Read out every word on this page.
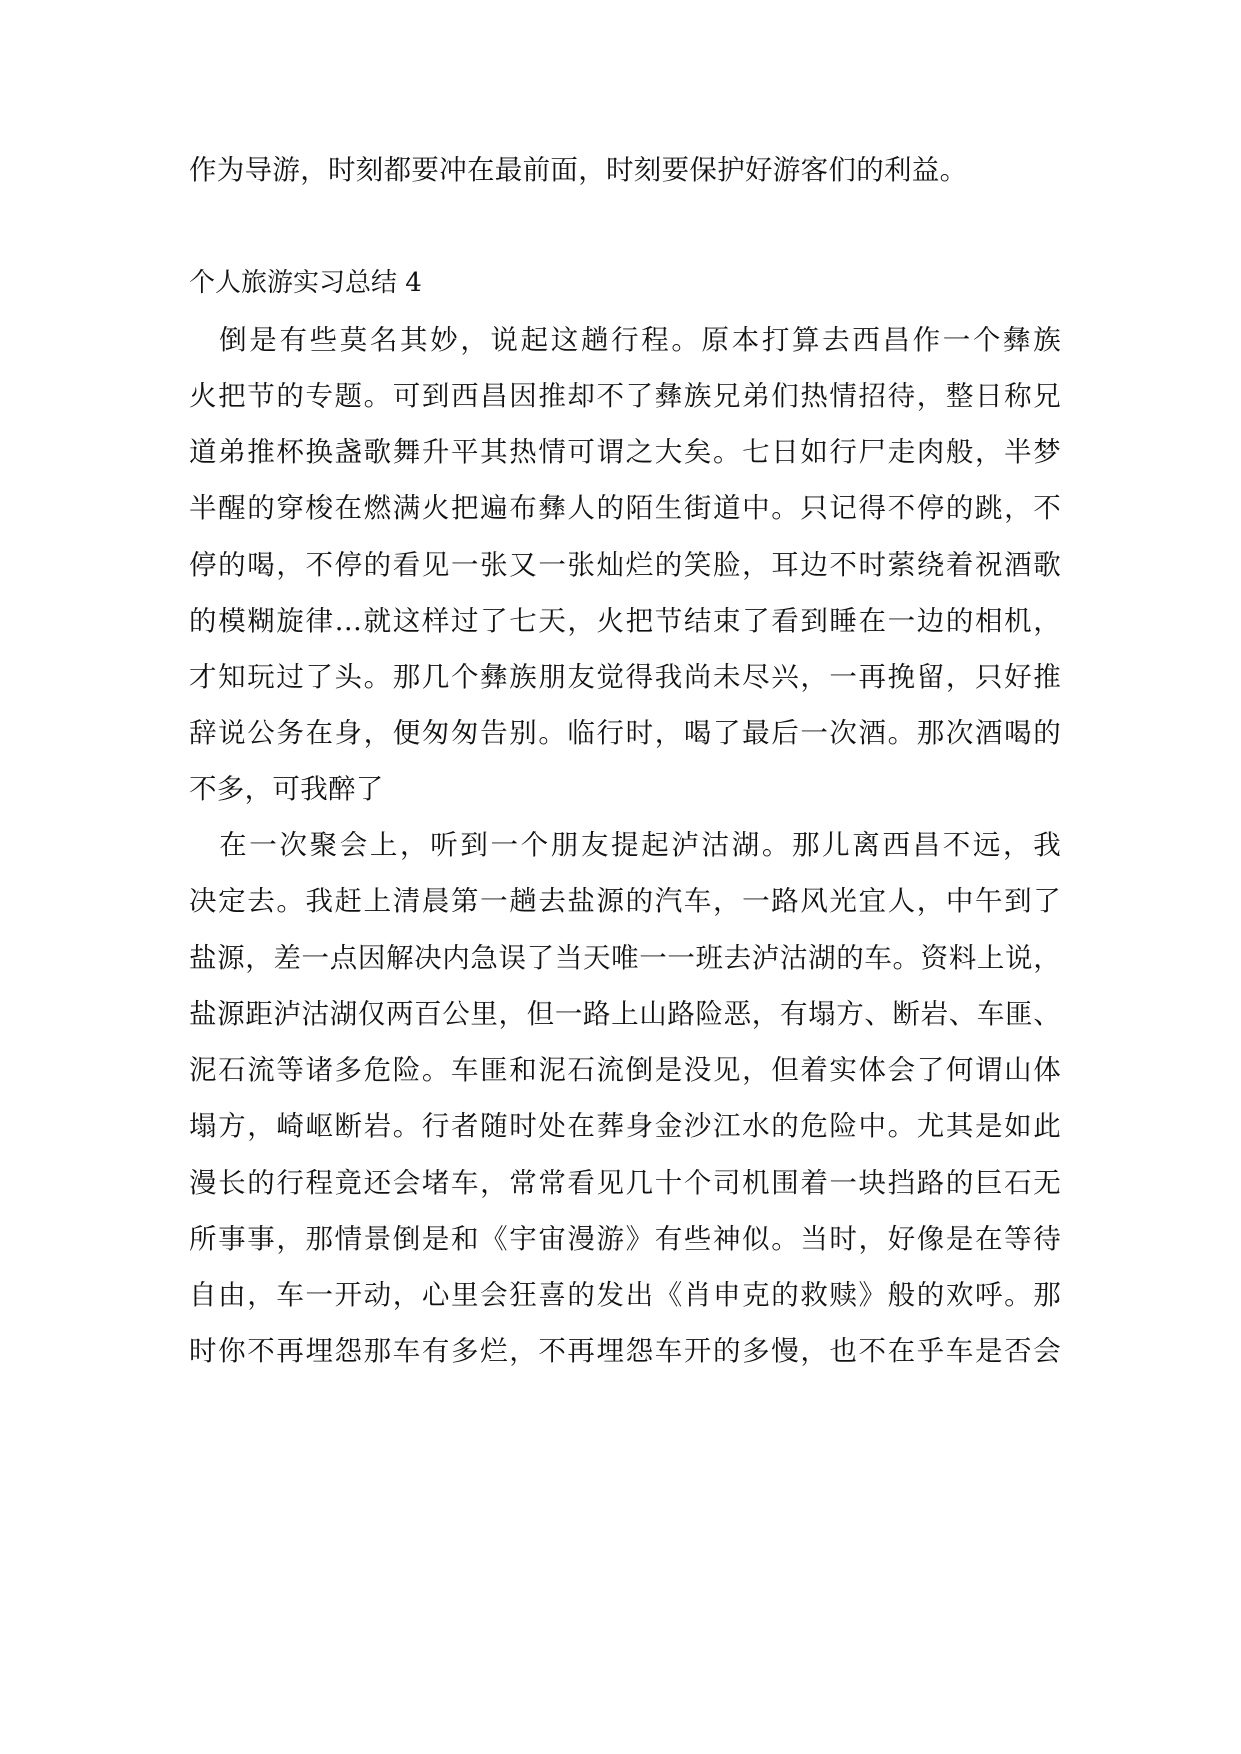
作为导游，时刻都要冲在最前面，时刻要保护好游客们的利益。
个人旅游实习总结 4
　倒是有些莫名其妙，说起这趟行程。原本打算去西昌作一个彝族
火把节的专题。可到西昌因推却不了彝族兄弟们热情招待，整日称兄
道弟推杯换盏歌舞升平其热情可谓之大矣。七日如行尸走肉般，半梦
半醒的穿梭在燃满火把遍布彝人的陌生街道中。只记得不停的跳，不
停的喝，不停的看见一张又一张灿烂的笑脸，耳边不时萦绕着祝酒歌
的模糊旋律…就这样过了七天，火把节结束了看到睡在一边的相机，
才知玩过了头。那几个彝族朋友觉得我尚未尽兴，一再挽留，只好推
辞说公务在身，便匆匆告别。临行时，喝了最后一次酒。那次酒喝的
不多，可我醉了
　在一次聚会上，听到一个朋友提起泸沽湖。那儿离西昌不远，我
决定去。我赶上清晨第一趟去盐源的汽车，一路风光宜人，中午到了
盐源，差一点因解决内急误了当天唯一一班去泸沽湖的车。资料上说，
盐源距泸沽湖仅两百公里，但一路上山路险恶，有塌方、断岩、车匪、
泥石流等诸多危险。车匪和泥石流倒是没见，但着实体会了何谓山体
塌方，崎岖断岩。行者随时处在葬身金沙江水的危险中。尤其是如此
漫长的行程竟还会堵车，常常看见几十个司机围着一块挡路的巨石无
所事事，那情景倒是和《宇宙漫游》有些神似。当时，好像是在等待
自由，车一开动，心里会狂喜的发出《肖申克的救赎》般的欢呼。那
时你不再埋怨那车有多烂，不再埋怨车开的多慢，也不在乎车是否会
